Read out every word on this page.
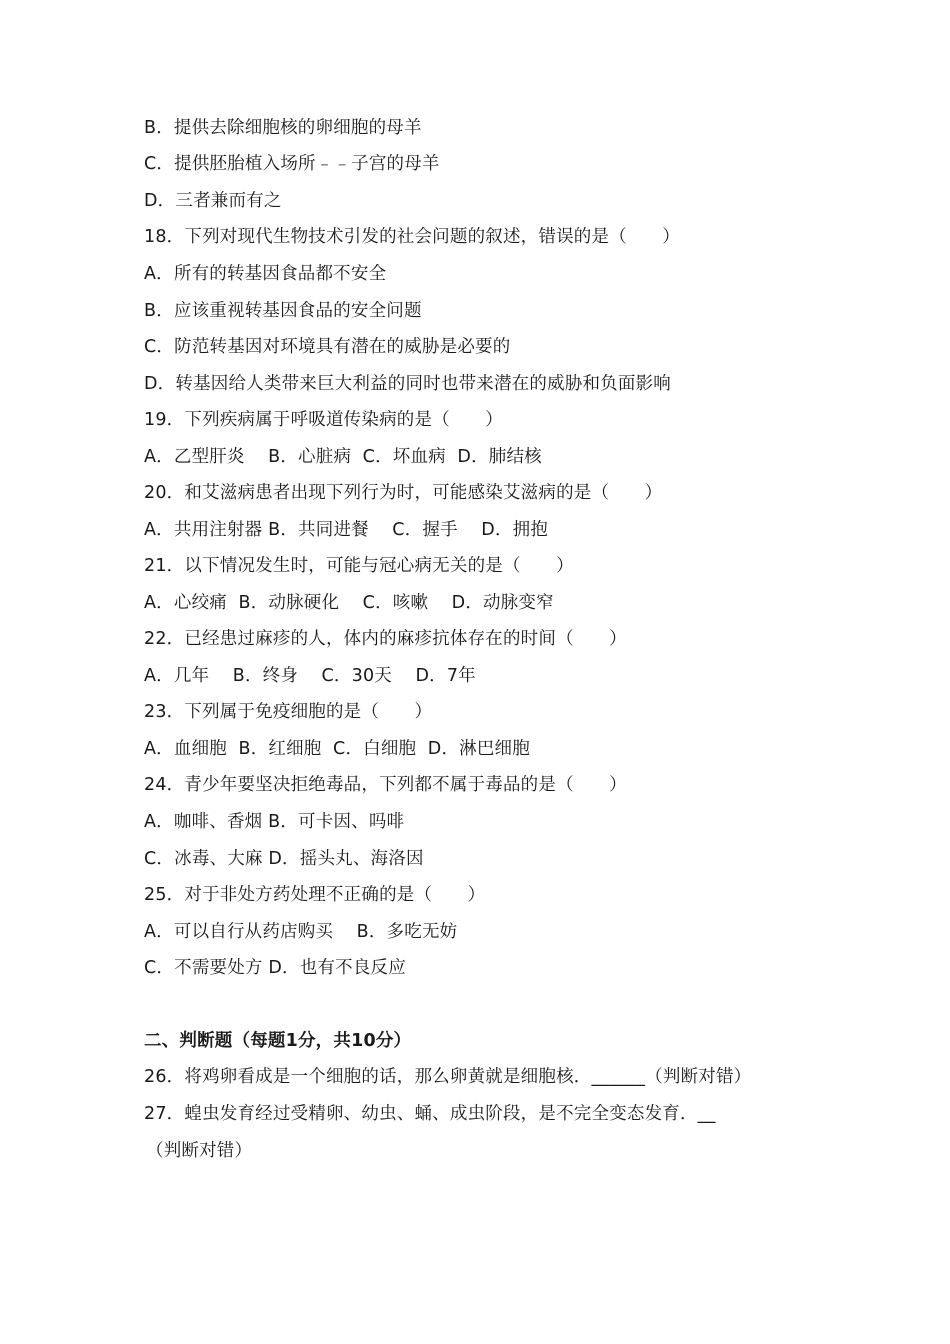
B．提供去除细胞核的卵细胞的母羊
C．提供胚胎植入场所﹣﹣子宫的母羊
D．三者兼而有之
18．下列对现代生物技术引发的社会问题的叙述，错误的是（　　）
A．所有的转基因食品都不安全
B．应该重视转基因食品的安全问题
C．防范转基因对环境具有潜在的威胁是必要的
D．转基因给人类带来巨大利益的同时也带来潜在的威胁和负面影响
19．下列疾病属于呼吸道传染病的是（　　）
A．乙型肝炎　 B．心脏病  C．坏血病  D．肺结核
20．和艾滋病患者出现下列行为时，可能感染艾滋病的是（　　）
A．共用注射器 B．共同进餐　 C．握手　 D．拥抱
21．以下情况发生时，可能与冠心病无关的是（　　）
A．心绞痛  B．动脉硬化　 C．咳嗽　 D．动脉变窄
22．已经患过麻疹的人，体内的麻疹抗体存在的时间（　　）
A．几年　 B．终身　 C．30天　 D．7年
23．下列属于免疫细胞的是（　　）
A．血细胞  B．红细胞  C．白细胞  D．淋巴细胞
24．青少年要坚决拒绝毒品，下列都不属于毒品的是（　　）
A．咖啡、香烟 B．可卡因、吗啡
C．冰毒、大麻 D．摇头丸、海洛因
25．对于非处方药处理不正确的是（　　）
A．可以自行从药店购买　 B．多吃无妨
C．不需要处方 D．也有不良反应
二、判断题（每题1分，共10分）
26．将鸡卵看成是一个细胞的话，那么卵黄就是细胞核．______（判断对错）
27．蝗虫发育经过受精卵、幼虫、蛹、成虫阶段，是不完全变态发育．__
（判断对错）
